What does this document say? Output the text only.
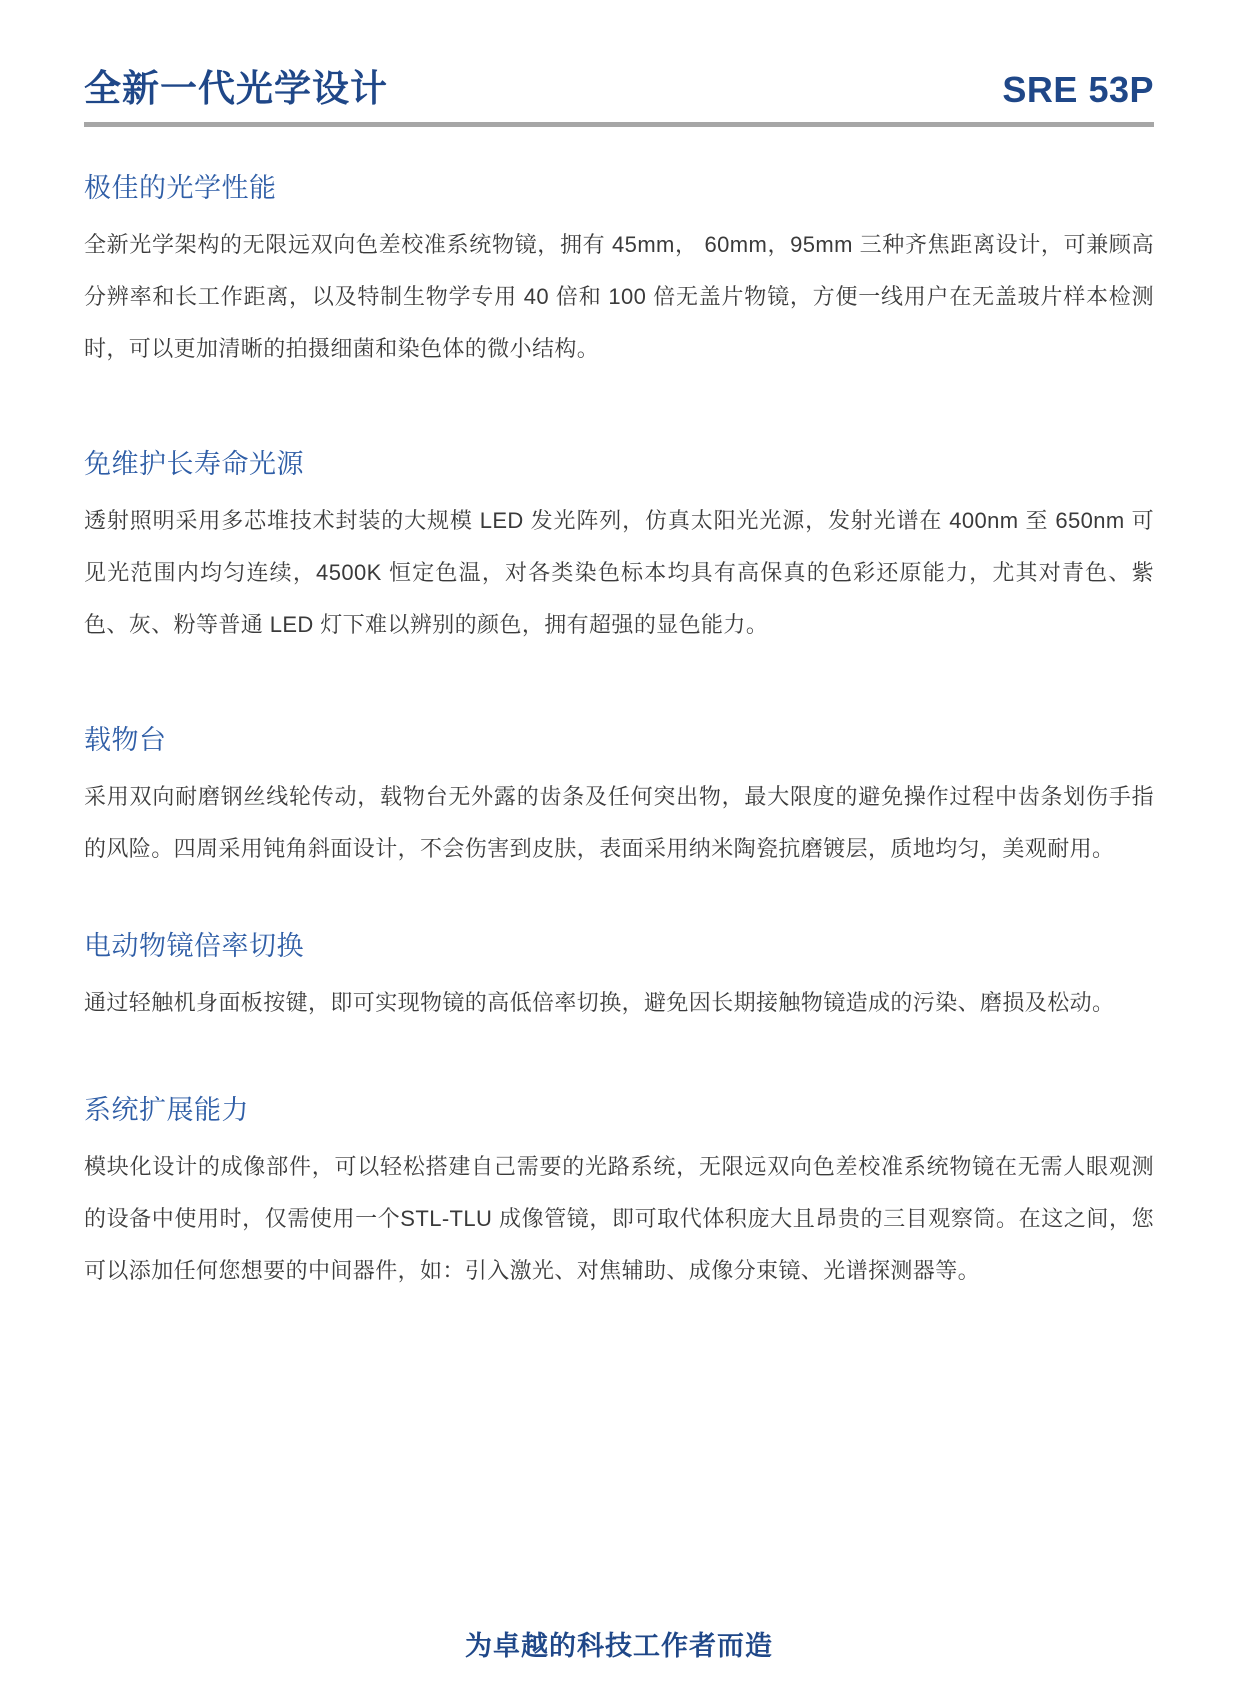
全新一代光学设计	SRE 53P
极佳的光学性能
全新光学架构的无限远双向色差校准系统物镜，拥有 45mm， 60mm，95mm 三种齐焦距离设计，可兼顾高分辨率和长工作距离，以及特制生物学专用 40 倍和 100 倍无盖片物镜，方便一线用户在无盖玻片样本检测时，可以更加清晰的拍摄细菌和染色体的微小结构。
免维护长寿命光源
透射照明采用多芯堆技术封装的大规模 LED 发光阵列，仿真太阳光光源，发射光谱在 400nm 至 650nm 可见光范围内均匀连续，4500K 恒定色温，对各类染色标本均具有高保真的色彩还原能力，尤其对青色、紫色、灰、粉等普通 LED 灯下难以辨别的颜色，拥有超强的显色能力。
载物台
采用双向耐磨钢丝线轮传动，载物台无外露的齿条及任何突出物，最大限度的避免操作过程中齿条划伤手指的风险。四周采用钝角斜面设计，不会伤害到皮肤，表面采用纳米陶瓷抗磨镀层，质地均匀，美观耐用。
电动物镜倍率切换
通过轻触机身面板按键，即可实现物镜的高低倍率切换，避免因长期接触物镜造成的污染、磨损及松动。
系统扩展能力
模块化设计的成像部件，可以轻松搭建自己需要的光路系统，无限远双向色差校准系统物镜在无需人眼观测的设备中使用时，仅需使用一个STL-TLU 成像管镜，即可取代体积庞大且昂贵的三目观察筒。在这之间，您可以添加任何您想要的中间器件，如：引入激光、对焦辅助、成像分束镜、光谱探测器等。
为卓越的科技工作者而造
